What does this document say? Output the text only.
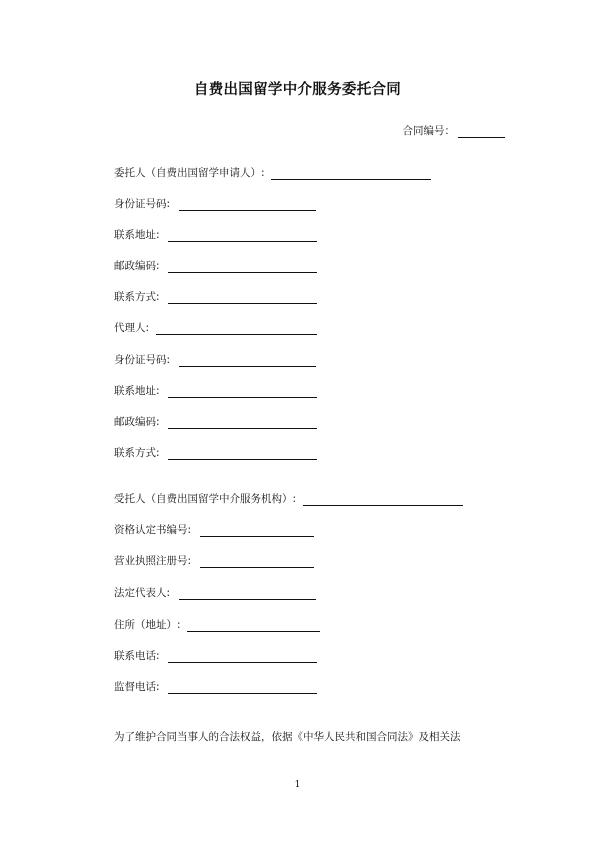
自费出国留学中介服务委托合同
合同编号：
委托人（自费出国留学申请人）:
身份证号码:
联系地址:
邮政编码:
联系方式:
代理人:
身份证号码:
联系地址:
邮政编码:
联系方式:
受托人（自费出国留学中介服务机构）:
资格认定书编号:
营业执照注册号:
法定代表人:
住所（地址）:
联系电话:
监督电话:
为了维护合同当事人的合法权益，依据《中华人民共和国合同法》及相关法
1
